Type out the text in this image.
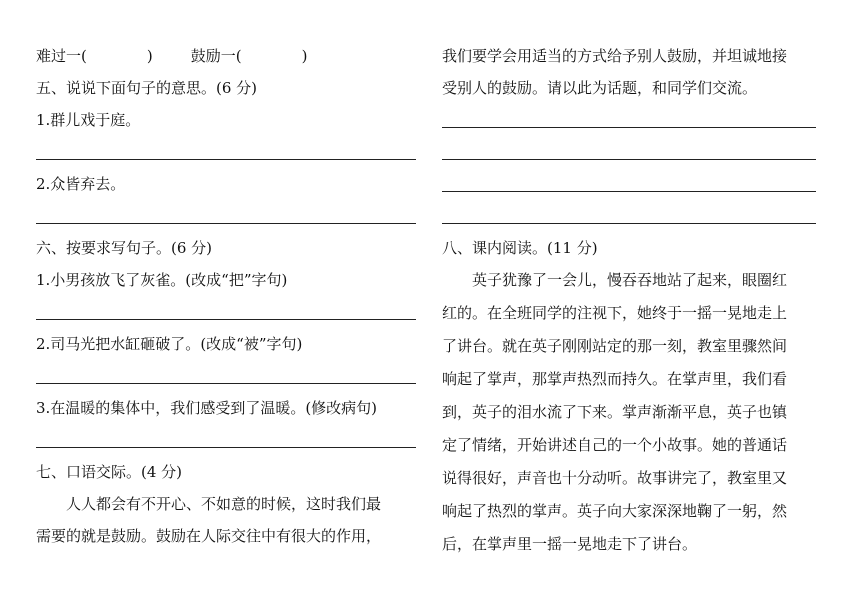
难过一(	)	鼓励一(	)
五、说说下面句子的意思。(6 分)
1.群儿戏于庭。
2.众皆弃去。
六、按要求写句子。(6 分)
1.小男孩放飞了灰雀。(改成“把”字句)
2.司马光把水缸砸破了。(改成“被”字句)
3.在温暖的集体中，我们感受到了温暖。(修改病句)
七、口语交际。(4 分)
人人都会有不开心、不如意的时候，这时我们最
需要的就是鼓励。鼓励在人际交往中有很大的作用，
我们要学会用适当的方式给予别人鼓励，并坦诚地接
受别人的鼓励。请以此为话题，和同学们交流。
八、课内阅读。(11 分)
英子犹豫了一会儿，慢吞吞地站了起来，眼圈红
红的。在全班同学的注视下，她终于一摇一晃地走上
了讲台。就在英子刚刚站定的那一刻，教室里骤然间
响起了掌声，那掌声热烈而持久。在掌声里，我们看
到，英子的泪水流了下来。掌声渐渐平息，英子也镇
定了情绪，开始讲述自己的一个小故事。她的普通话
说得很好，声音也十分动听。故事讲完了，教室里又
响起了热烈的掌声。英子向大家深深地鞠了一躬，然
后，在掌声里一摇一晃地走下了讲台。
